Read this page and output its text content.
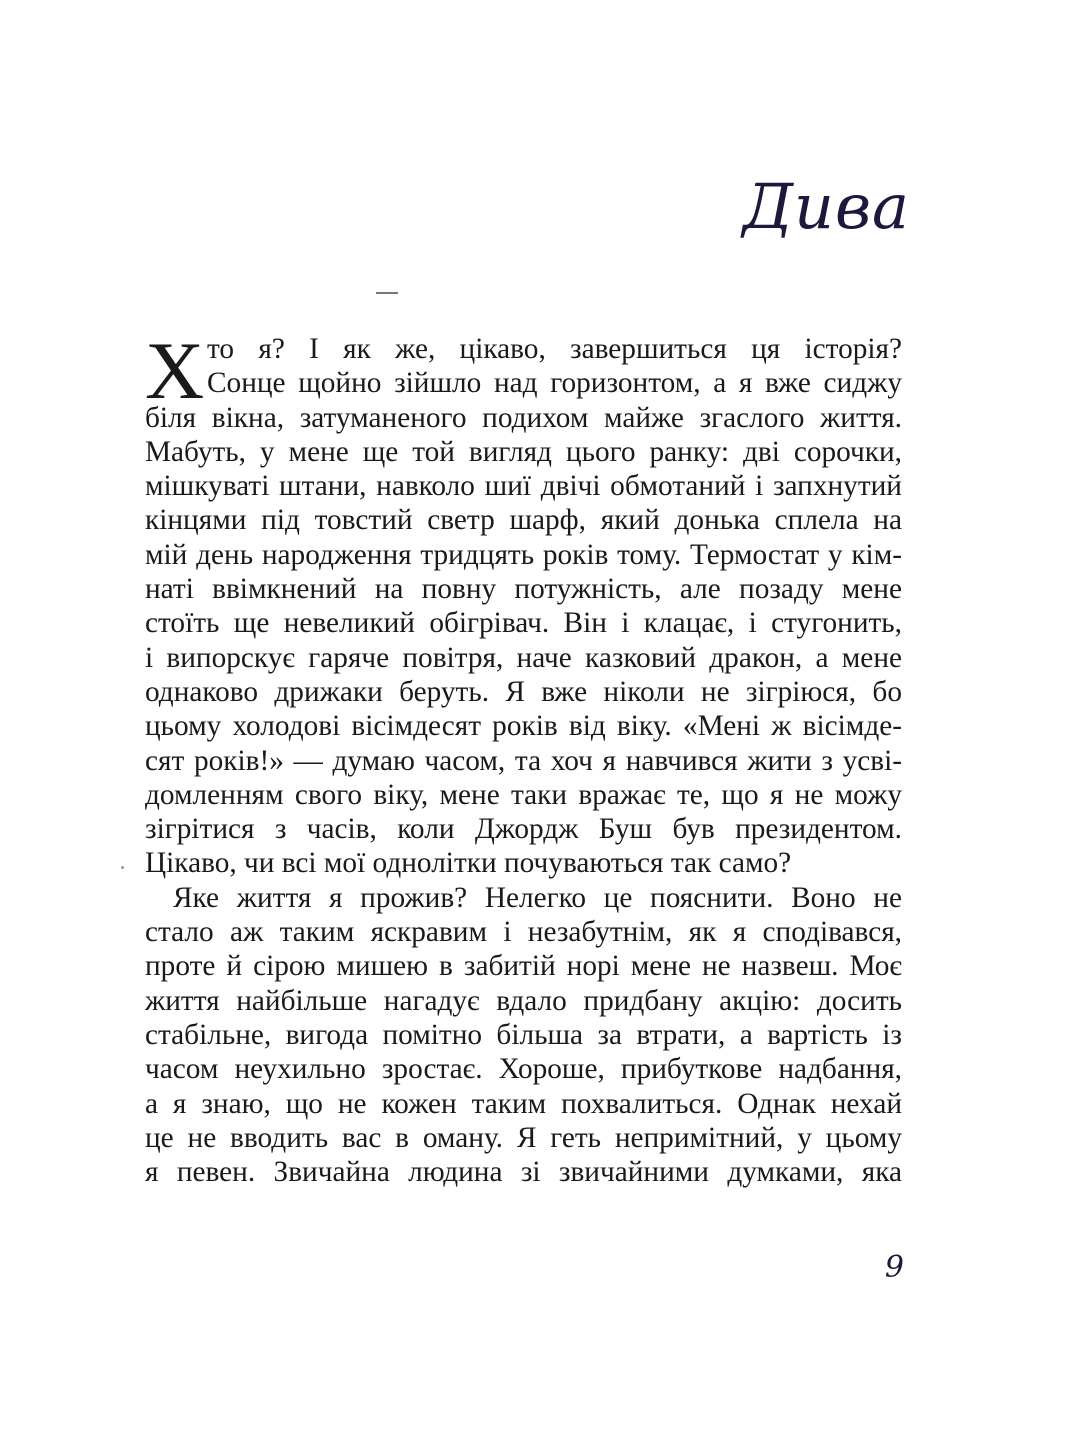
Дива
Х то я? І як же, цікаво, завершиться ця історія?
Сонце щойно зійшло над горизонтом, а я вже сиджу
біля вікна, затуманеного подихом майже згаслого життя.
Мабуть, у мене ще той вигляд цього ранку: дві сорочки,
мішкуваті штани, навколо шиї двічі обмотаний і запхнутий
кінцями під товстий светр шарф, який донька сплела на
мій день народження тридцять років тому. Термостат у кім-
наті ввімкнений на повну потужність, але позаду мене
стоїть ще невеликий обігрівач. Він і клацає, і стугонить,
і випорскує гаряче повітря, наче казковий дракон, а мене
однаково дрижаки беруть. Я вже ніколи не зігріюся, бо
цьому холодові вісімдесят років від віку. «Мені ж вісімде-
сят років!» — думаю часом, та хоч я навчився жити з усві-
домленням свого віку, мене таки вражає те, що я не можу
зігрітися з часів, коли Джордж Буш був президентом.
Цікаво, чи всі мої однолітки почуваються так само?
Яке життя я прожив? Нелегко це пояснити. Воно не
стало аж таким яскравим і незабутнім, як я сподівався,
проте й сірою мишею в забитій норі мене не назвеш. Моє
життя найбільше нагадує вдало придбану акцію: досить
стабільне, вигода помітно більша за втрати, а вартість із
часом неухильно зростає. Хороше, прибуткове надбання,
а я знаю, що не кожен таким похвалиться. Однак нехай
це не вводить вас в оману. Я геть непримітний, у цьому
я певен. Звичайна людина зі звичайними думками, яка
9
